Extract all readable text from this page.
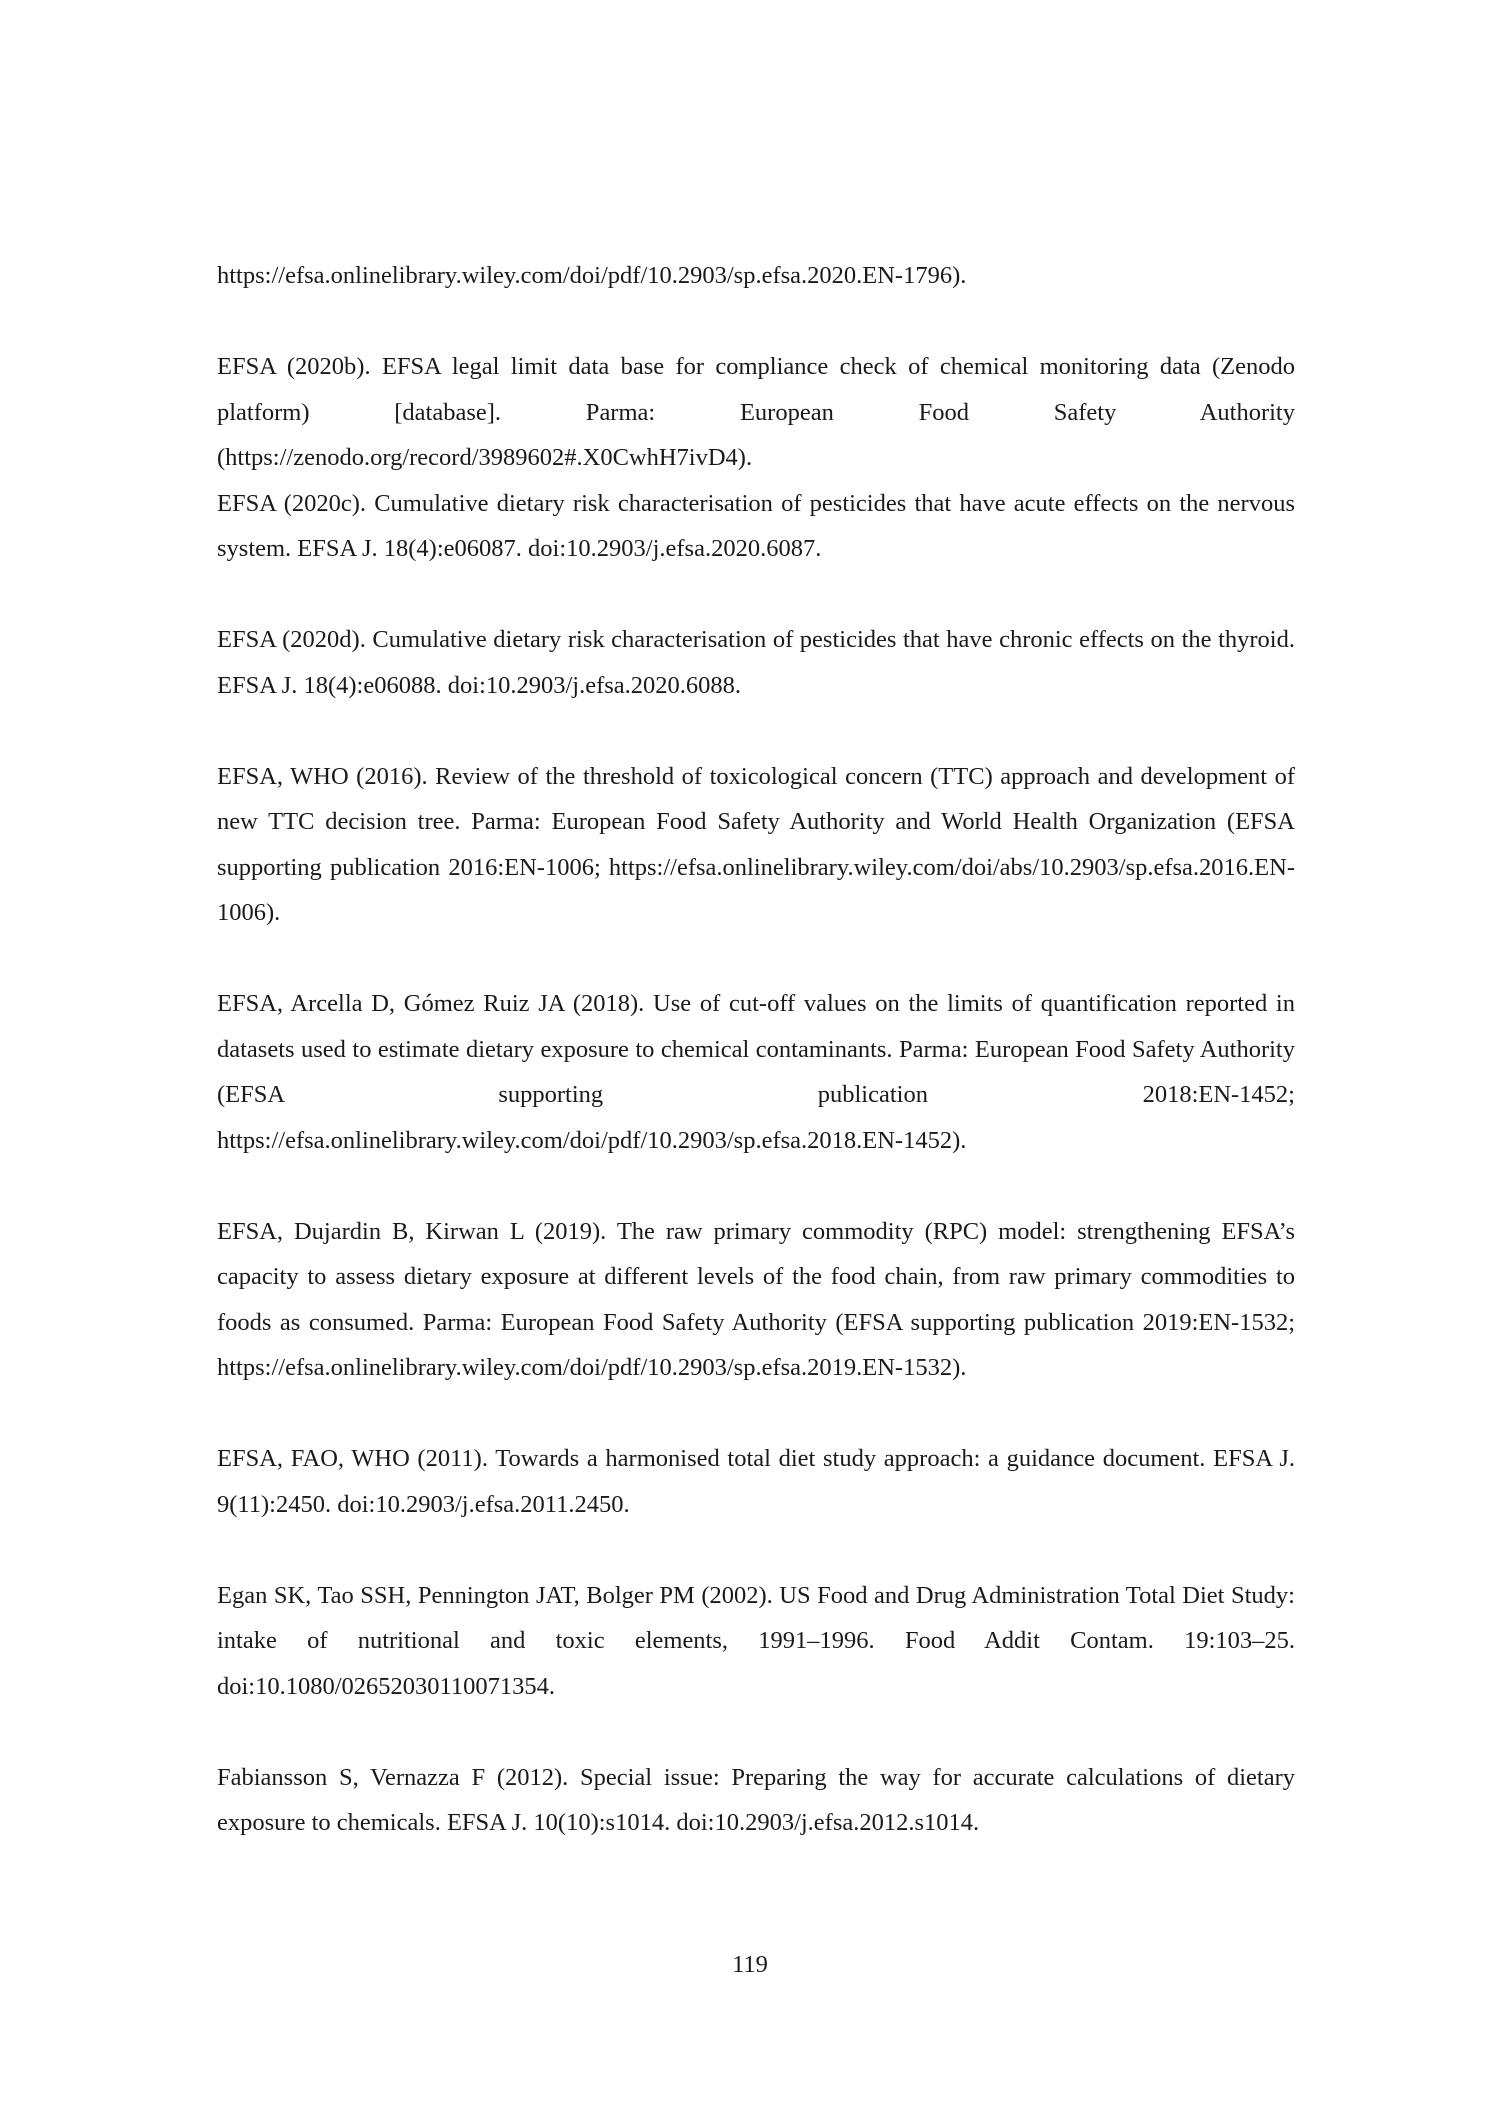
https://efsa.onlinelibrary.wiley.com/doi/pdf/10.2903/sp.efsa.2020.EN-1796).

EFSA (2020b). EFSA legal limit data base for compliance check of chemical monitoring data (Zenodo platform) [database]. Parma: European Food Safety Authority (https://zenodo.org/record/3989602#.X0CwhH7ivD4).

EFSA (2020c). Cumulative dietary risk characterisation of pesticides that have acute effects on the nervous system. EFSA J. 18(4):e06087. doi:10.2903/j.efsa.2020.6087.

EFSA (2020d). Cumulative dietary risk characterisation of pesticides that have chronic effects on the thyroid. EFSA J. 18(4):e06088. doi:10.2903/j.efsa.2020.6088.

EFSA, WHO (2016). Review of the threshold of toxicological concern (TTC) approach and development of new TTC decision tree. Parma: European Food Safety Authority and World Health Organization (EFSA supporting publication 2016:EN-1006; https://efsa.onlinelibrary.wiley.com/doi/abs/10.2903/sp.efsa.2016.EN-1006).

EFSA, Arcella D, Gómez Ruiz JA (2018). Use of cut-off values on the limits of quantification reported in datasets used to estimate dietary exposure to chemical contaminants. Parma: European Food Safety Authority (EFSA supporting publication 2018:EN-1452; https://efsa.onlinelibrary.wiley.com/doi/pdf/10.2903/sp.efsa.2018.EN-1452).

EFSA, Dujardin B, Kirwan L (2019). The raw primary commodity (RPC) model: strengthening EFSA’s capacity to assess dietary exposure at different levels of the food chain, from raw primary commodities to foods as consumed. Parma: European Food Safety Authority (EFSA supporting publication 2019:EN-1532; https://efsa.onlinelibrary.wiley.com/doi/pdf/10.2903/sp.efsa.2019.EN-1532).

EFSA, FAO, WHO (2011). Towards a harmonised total diet study approach: a guidance document. EFSA J. 9(11):2450. doi:10.2903/j.efsa.2011.2450.

Egan SK, Tao SSH, Pennington JAT, Bolger PM (2002). US Food and Drug Administration Total Diet Study: intake of nutritional and toxic elements, 1991–1996. Food Addit Contam. 19:103–25. doi:10.1080/02652030110071354.

Fabiansson S, Vernazza F (2012). Special issue: Preparing the way for accurate calculations of dietary exposure to chemicals. EFSA J. 10(10):s1014. doi:10.2903/j.efsa.2012.s1014.

119
